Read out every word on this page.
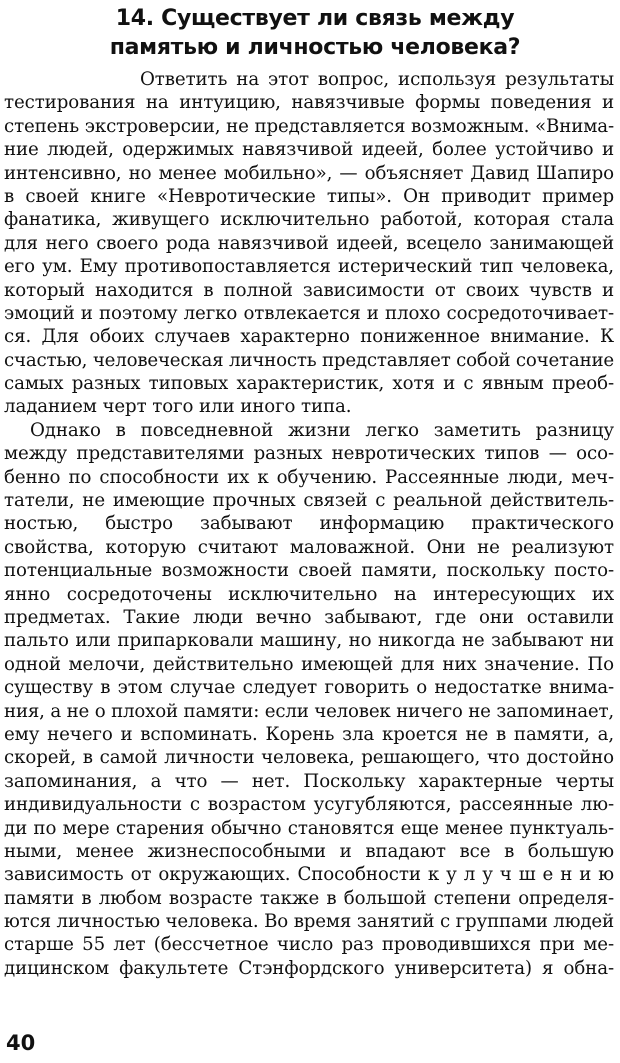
14. Существует ли связь между
памятью и личностью человека?
Ответить на этот вопрос, используя результаты
тестирования на интуицию, навязчивые формы поведения и
степень экстроверсии, не представляется возможным. «Внима-
ние людей, одержимых навязчивой идеей, более устойчиво и
интенсивно, но менее мобильно», — объясняет Давид Шапиро
в своей книге «Невротические типы». Он приводит пример
фанатика, живущего исключительно работой, которая стала
для него своего рода навязчивой идеей, всецело занимающей
его ум. Ему противопоставляется истерический тип человека,
который находится в полной зависимости от своих чувств и
эмоций и поэтому легко отвлекается и плохо сосредоточивает-
ся. Для обоих случаев характерно пониженное внимание. К
счастью, человеческая личность представляет собой сочетание
самых разных типовых характеристик, хотя и с явным преоб-
ладанием черт того или иного типа.
Однако в повседневной жизни легко заметить разницу
между представителями разных невротических типов — осо-
бенно по способности их к обучению. Рассеянные люди, меч-
татели, не имеющие прочных связей с реальной действитель-
ностью, быстро забывают информацию практического
свойства, которую считают маловажной. Они не реализуют
потенциальные возможности своей памяти, поскольку посто-
янно сосредоточены исключительно на интересующих их
предметах. Такие люди вечно забывают, где они оставили
пальто или припарковали машину, но никогда не забывают ни
одной мелочи, действительно имеющей для них значение. По
существу в этом случае следует говорить о недостатке внима-
ния, а не о плохой памяти: если человек ничего не запоминает,
ему нечего и вспоминать. Корень зла кроется не в памяти, а,
скорей, в самой личности человека, решающего, что достойно
запоминания, а что — нет. Поскольку характерные черты
индивидуальности с возрастом усугубляются, рассеянные лю-
ди по мере старения обычно становятся еще менее пунктуаль-
ными, менее жизнеспособными и впадают все в большую
зависимость от окружающих. Способности к у л у ч ш е н и ю
памяти в любом возрасте также в большой степени определя-
ются личностью человека. Во время занятий с группами людей
старше 55 лет (бессчетное число раз проводившихся при ме-
дицинском факультете Стэнфордского университета) я обна-
40
